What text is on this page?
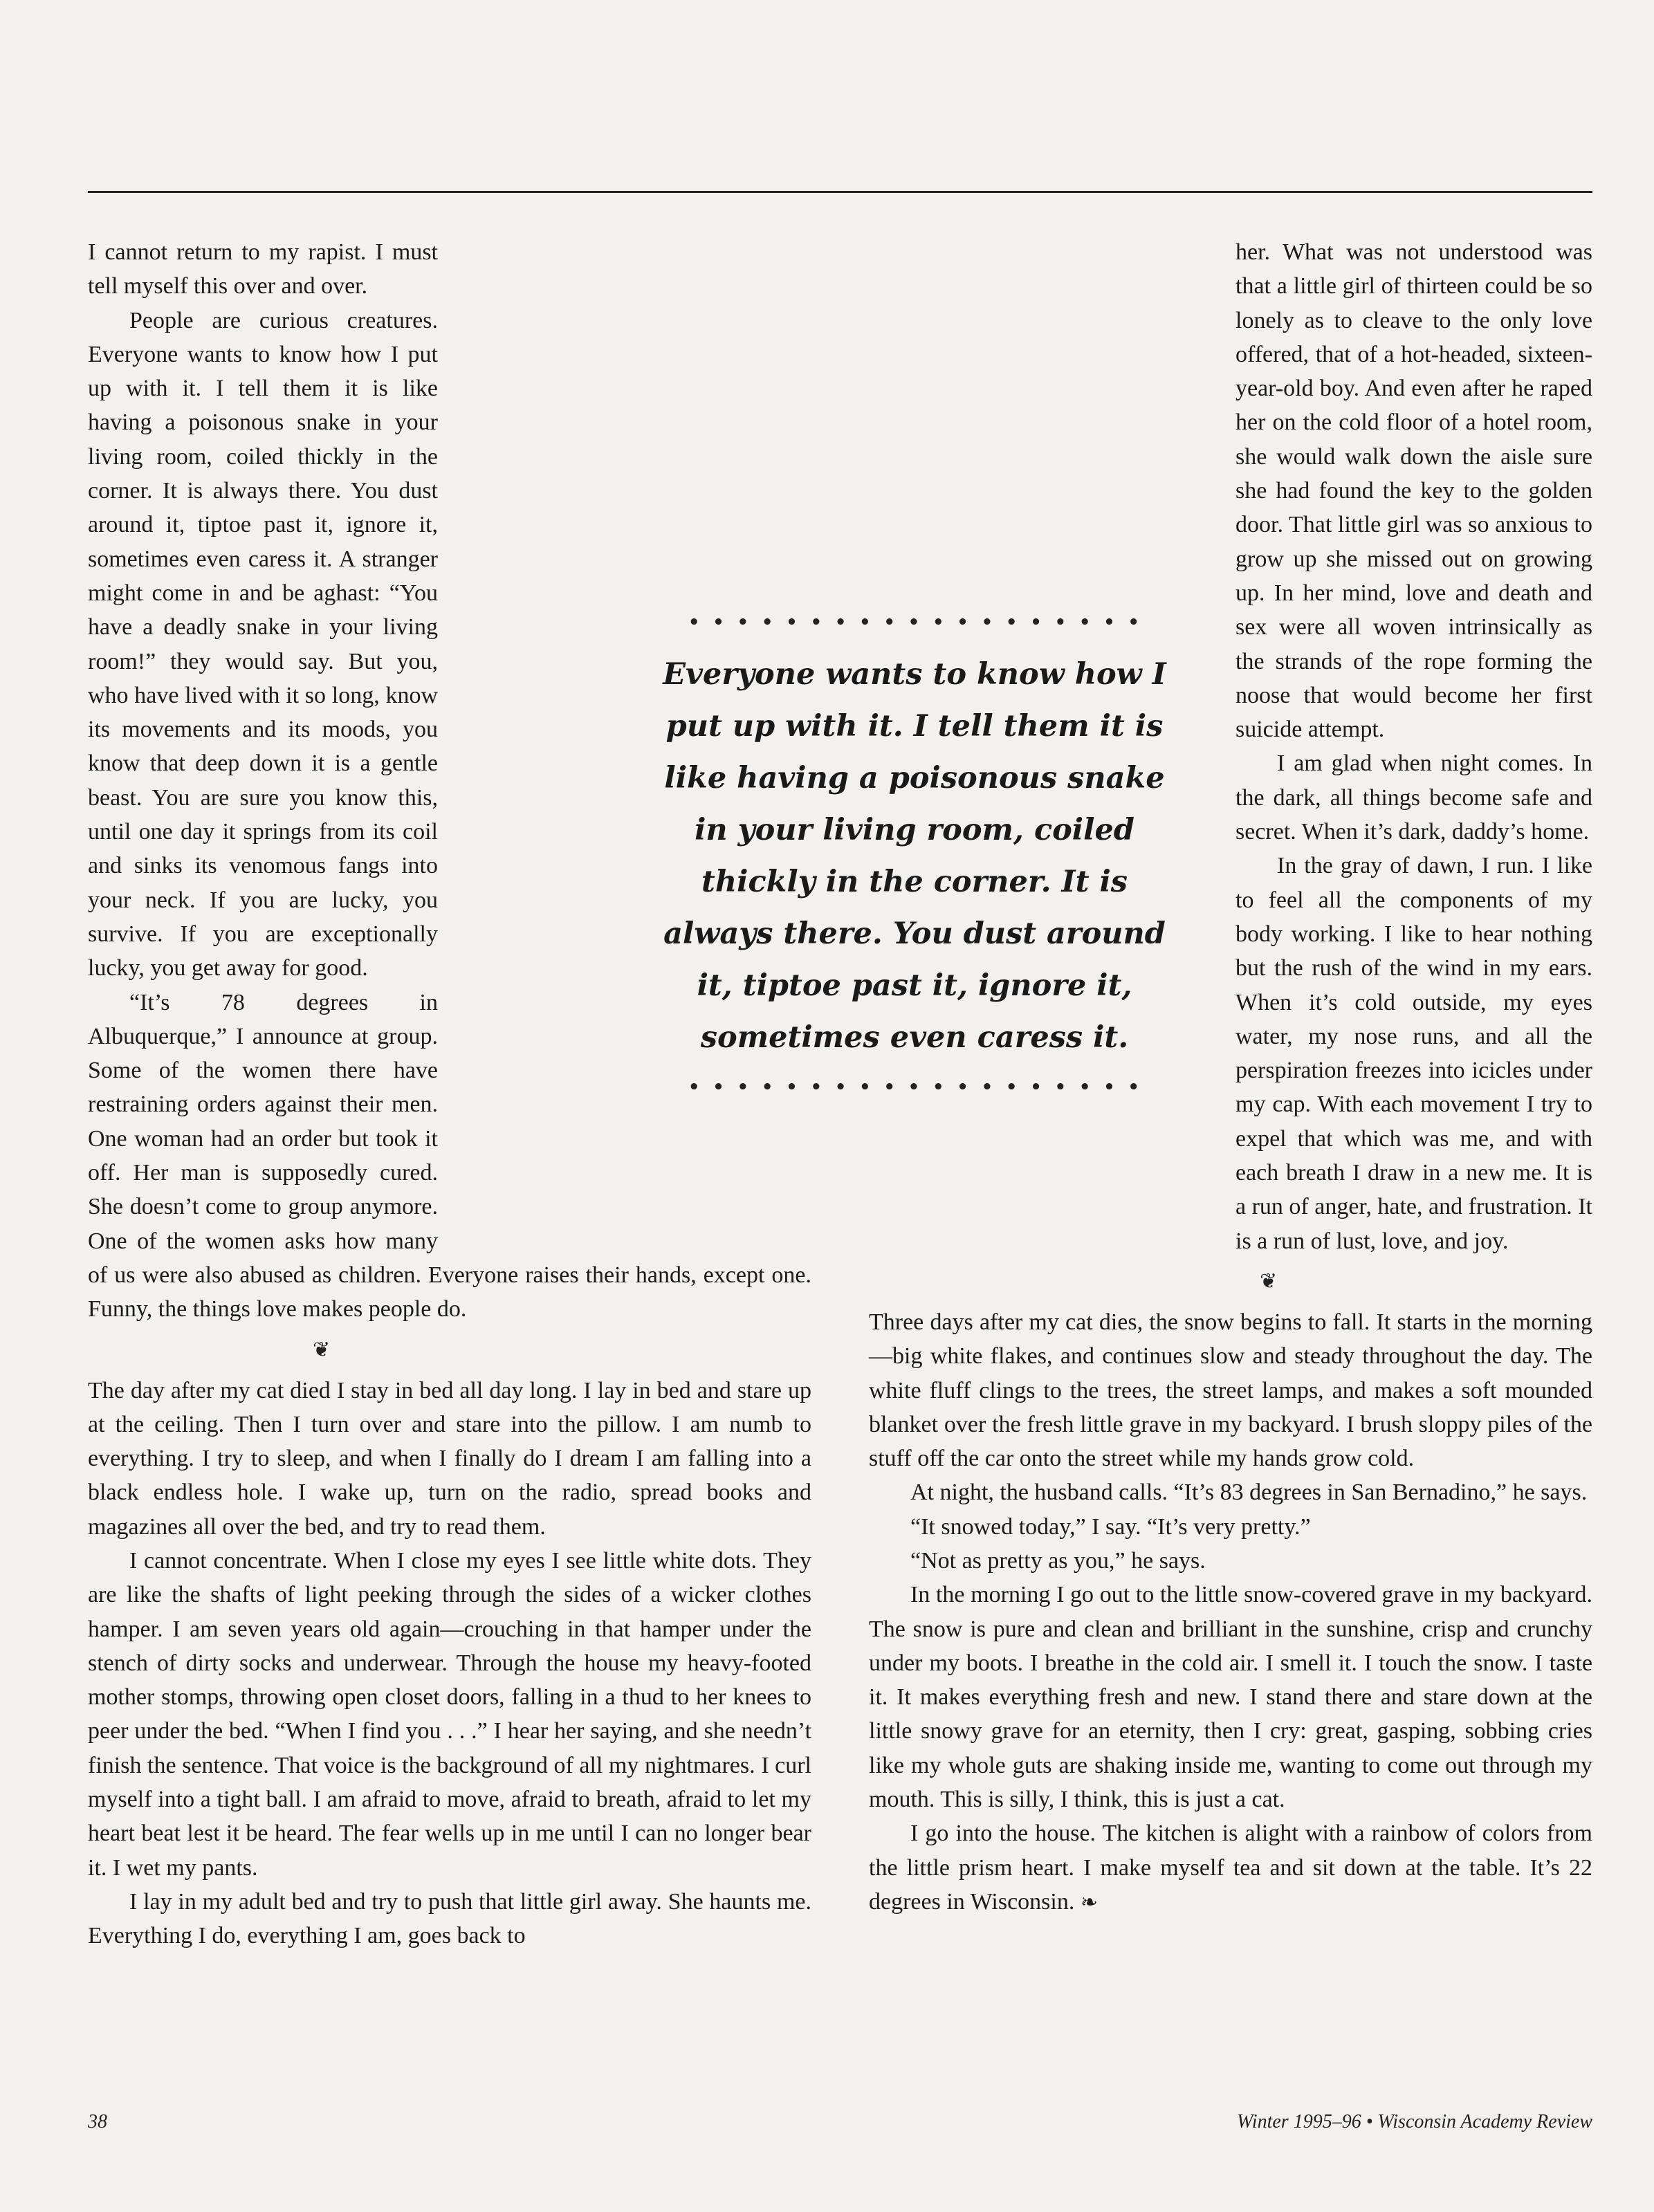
I cannot return to my rapist. I must tell myself this over and over.

People are curious creatures. Everyone wants to know how I put up with it. I tell them it is like having a poisonous snake in your living room, coiled thickly in the corner. It is always there. You dust around it, tiptoe past it, ignore it, sometimes even caress it. A stranger might come in and be aghast: “You have a deadly snake in your living room!” they would say. But you, who have lived with it so long, know its movements and its moods, you know that deep down it is a gentle beast. You are sure you know this, until one day it springs from its coil and sinks its venomous fangs into your neck. If you are lucky, you survive. If you are exceptionally lucky, you get away for good.

“It’s 78 degrees in Albuquerque,” I announce at group. Some of the women there have restraining orders against their men. One woman had an order but took it off. Her man is supposedly cured. She doesn’t come to group anymore. One of the women asks how many of us were also abused as children. Everyone raises their hands, except one. Funny, the things love makes people do.

❦

The day after my cat died I stay in bed all day long. I lay in bed and stare up at the ceiling. Then I turn over and stare into the pillow. I am numb to everything. I try to sleep, and when I finally do I dream I am falling into a black endless hole. I wake up, turn on the radio, spread books and magazines all over the bed, and try to read them.

I cannot concentrate. When I close my eyes I see little white dots. They are like the shafts of light peeking through the sides of a wicker clothes hamper. I am seven years old again—crouching in that hamper under the stench of dirty socks and underwear. Through the house my heavy-footed mother stomps, throwing open closet doors, falling in a thud to her knees to peer under the bed. “When I find you . . .” I hear her saying, and she needn’t finish the sentence. That voice is the background of all my nightmares. I curl myself into a tight ball. I am afraid to move, afraid to breath, afraid to let my heart beat lest it be heard. The fear wells up in me until I can no longer bear it. I wet my pants.

I lay in my adult bed and try to push that little girl away. She haunts me. Everything I do, everything I am, goes back to

her. What was not understood was that a little girl of thirteen could be so lonely as to cleave to the only love offered, that of a hot-headed, sixteen-year-old boy. And even after he raped her on the cold floor of a hotel room, she would walk down the aisle sure she had found the key to the golden door. That little girl was so anxious to grow up she missed out on growing up. In her mind, love and death and sex were all woven intrinsically as the strands of the rope forming the noose that would become her first suicide attempt.

I am glad when night comes. In the dark, all things become safe and secret. When it’s dark, daddy’s home.

In the gray of dawn, I run. I like to feel all the components of my body working. I like to hear nothing but the rush of the wind in my ears. When it’s cold outside, my eyes water, my nose runs, and all the perspiration freezes into icicles under my cap. With each movement I try to expel that which was me, and with each breath I draw in a new me. It is a run of anger, hate, and frustration. It is a run of lust, love, and joy.

❦

Three days after my cat dies, the snow begins to fall. It starts in the morning—big white flakes, and continues slow and steady throughout the day. The white fluff clings to the trees, the street lamps, and makes a soft mounded blanket over the fresh little grave in my backyard. I brush sloppy piles of the stuff off the car onto the street while my hands grow cold.

At night, the husband calls. “It’s 83 degrees in San Bernadino,” he says.

“It snowed today,” I say. “It’s very pretty.”

“Not as pretty as you,” he says.

In the morning I go out to the little snow-covered grave in my backyard. The snow is pure and clean and brilliant in the sunshine, crisp and crunchy under my boots. I breathe in the cold air. I smell it. I touch the snow. I taste it. It makes everything fresh and new. I stand there and stare down at the little snowy grave for an eternity, then I cry: great, gasping, sobbing cries like my whole guts are shaking inside me, wanting to come out through my mouth. This is silly, I think, this is just a cat.

I go into the house. The kitchen is alight with a rainbow of colors from the little prism heart. I make myself tea and sit down at the table. It’s 22 degrees in Wisconsin. ❧

• • • • • • • • • • • • • • • • • • •
Everyone wants to know how I put up with it. I tell them it is like having a poisonous snake in your living room, coiled thickly in the corner. It is always there. You dust around it, tiptoe past it, ignore it, sometimes even caress it.
• • • • • • • • • • • • • • • • • • •
38	Winter 1995–96 • Wisconsin Academy Review
